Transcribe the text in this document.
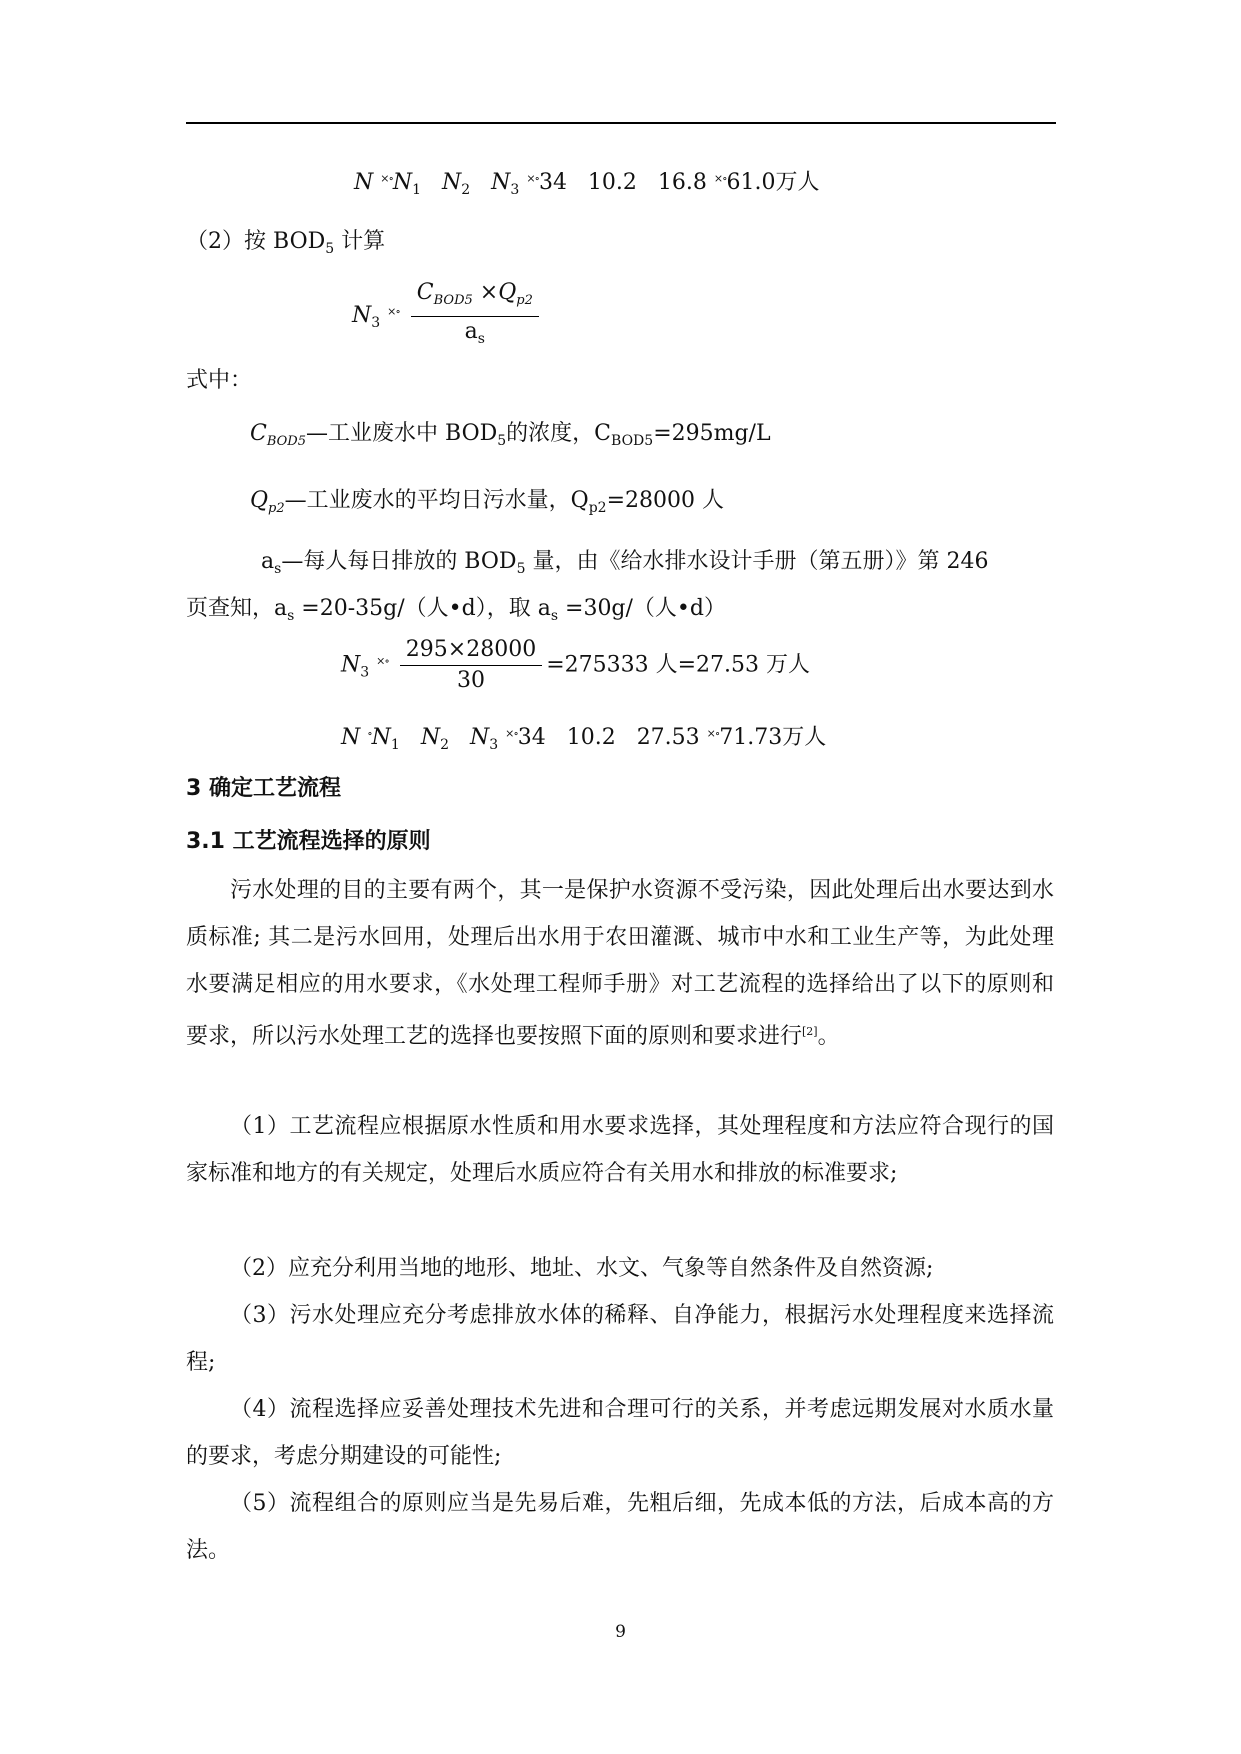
N $^{\times\circ}N_1$ $N_2$ $N_3$ ×∘34   10.2   16.8 ×∘61.0万人
（2）按 $BOD_5$ 计算
$N_3$ $^{\times\circ} \frac{C_{BOD5} \times Q_{p2}}{a_s}$
式中：
$C_{BOD5}—$工业废水中 $BOD_5$的浓度，$C_{BOD5}=295mg/L$
$Q_{p2}—$工业废水的平均日污水量，$Q_{p2}=28000$ 人
$a_s—$每人每日排放的 $BOD_5$ 量，由《给水排水设计手册（第五册）》第 246
页查知，$a_s =20-35g/$（人•d），取 $a_s =30g/$（人•d）
$N_3$ $^{\times\circ} \frac{295\times 28000}{30} =275333$ 人=27.53 万人
N $^\circ N_1$ $N_2$ $N_3$ ×∘34   10.2   27.53 ×∘71.73万人
3 确定工艺流程
3.1 工艺流程选择的原则
污水处理的目的主要有两个，其一是保护水资源不受污染，因此处理后出水要达到水质标准; 其二是污水回用，处理后出水用于农田灌溉、城市中水和工业生产等，为此处理水要满足相应的用水要求，《水处理工程师手册》对工艺流程的选择给出了以下的原则和要求，所以污水处理工艺的选择也要按照下面的原则和要求进行[2]。
（1）工艺流程应根据原水性质和用水要求选择，其处理程度和方法应符合现行的国家标准和地方的有关规定，处理后水质应符合有关用水和排放的标准要求;
（2）应充分利用当地的地形、地址、水文、气象等自然条件及自然资源;
（3）污水处理应充分考虑排放水体的稀释、自净能力，根据污水处理程度来选择流程;
（4）流程选择应妥善处理技术先进和合理可行的关系，并考虑远期发展对水质水量的要求，考虑分期建设的可能性;
（5）流程组合的原则应当是先易后难，先粗后细，先成本低的方法，后成本高的方法。
9
